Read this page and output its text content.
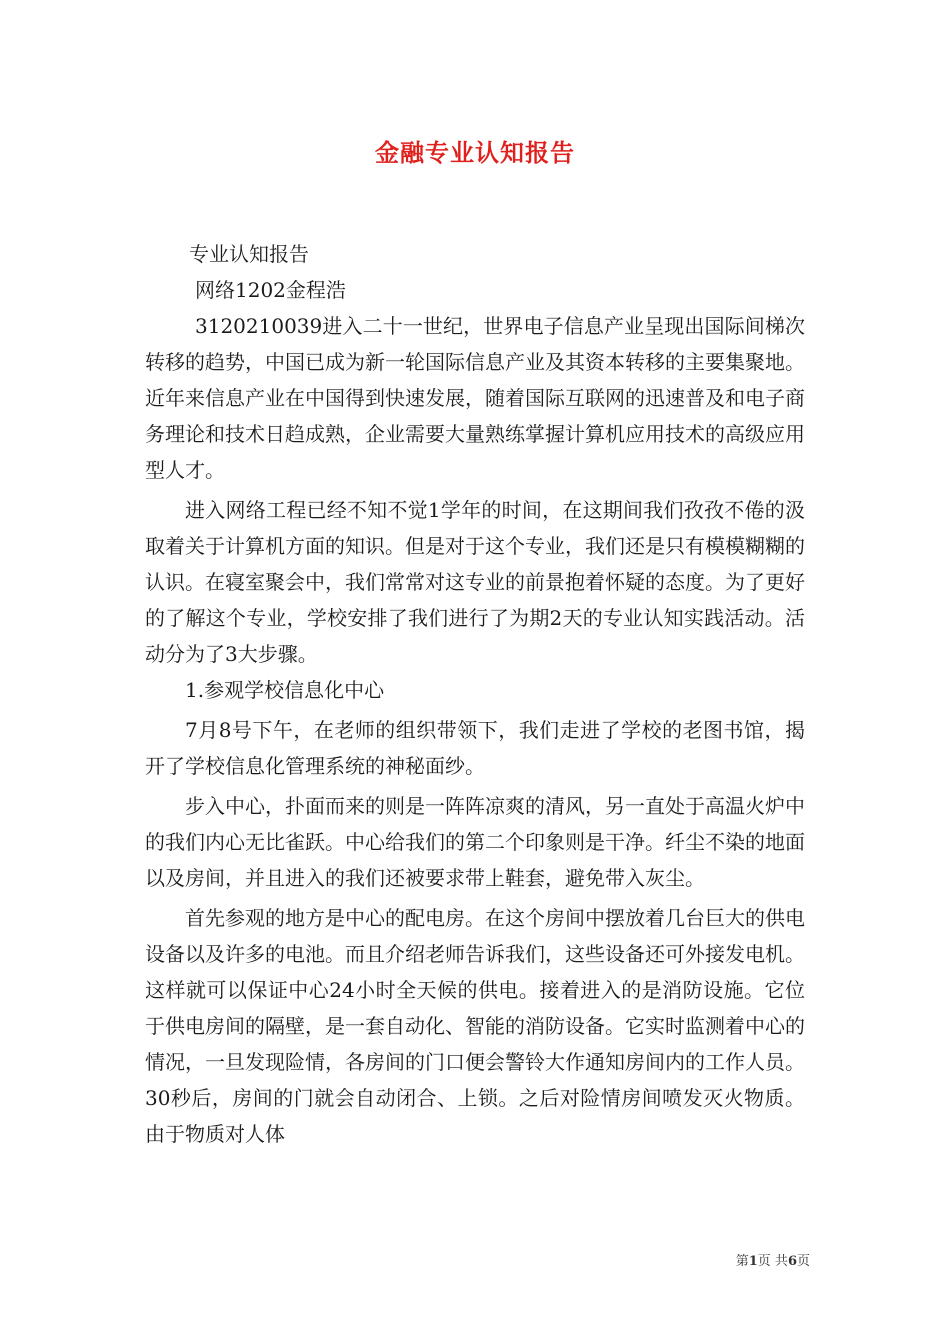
金融专业认知报告

专业认知报告

网络1202金程浩

3120210039进入二十一世纪，世界电子信息产业呈现出国际间梯次转移的趋势，中国已成为新一轮国际信息产业及其资本转移的主要集聚地。近年来信息产业在中国得到快速发展，随着国际互联网的迅速普及和电子商务理论和技术日趋成熟，企业需要大量熟练掌握计算机应用技术的高级应用型人才。

进入网络工程已经不知不觉1学年的时间，在这期间我们孜孜不倦的汲取着关于计算机方面的知识。但是对于这个专业，我们还是只有模模糊糊的认识。在寝室聚会中，我们常常对这专业的前景抱着怀疑的态度。为了更好的了解这个专业，学校安排了我们进行了为期2天的专业认知实践活动。活动分为了3大步骤。

1.参观学校信息化中心

7月8号下午，在老师的组织带领下，我们走进了学校的老图书馆，揭开了学校信息化管理系统的神秘面纱。

步入中心，扑面而来的则是一阵阵凉爽的清风，另一直处于高温火炉中的我们内心无比雀跃。中心给我们的第二个印象则是干净。纤尘不染的地面以及房间，并且进入的我们还被要求带上鞋套，避免带入灰尘。

首先参观的地方是中心的配电房。在这个房间中摆放着几台巨大的供电设备以及许多的电池。而且介绍老师告诉我们，这些设备还可外接发电机。这样就可以保证中心24小时全天候的供电。接着进入的是消防设施。它位于供电房间的隔壁，是一套自动化、智能的消防设备。它实时监测着中心的情况，一旦发现险情，各房间的门口便会警铃大作通知房间内的工作人员。30秒后，房间的门就会自动闭合、上锁。之后对险情房间喷发灭火物质。由于物质对人体

第1页 共6页
